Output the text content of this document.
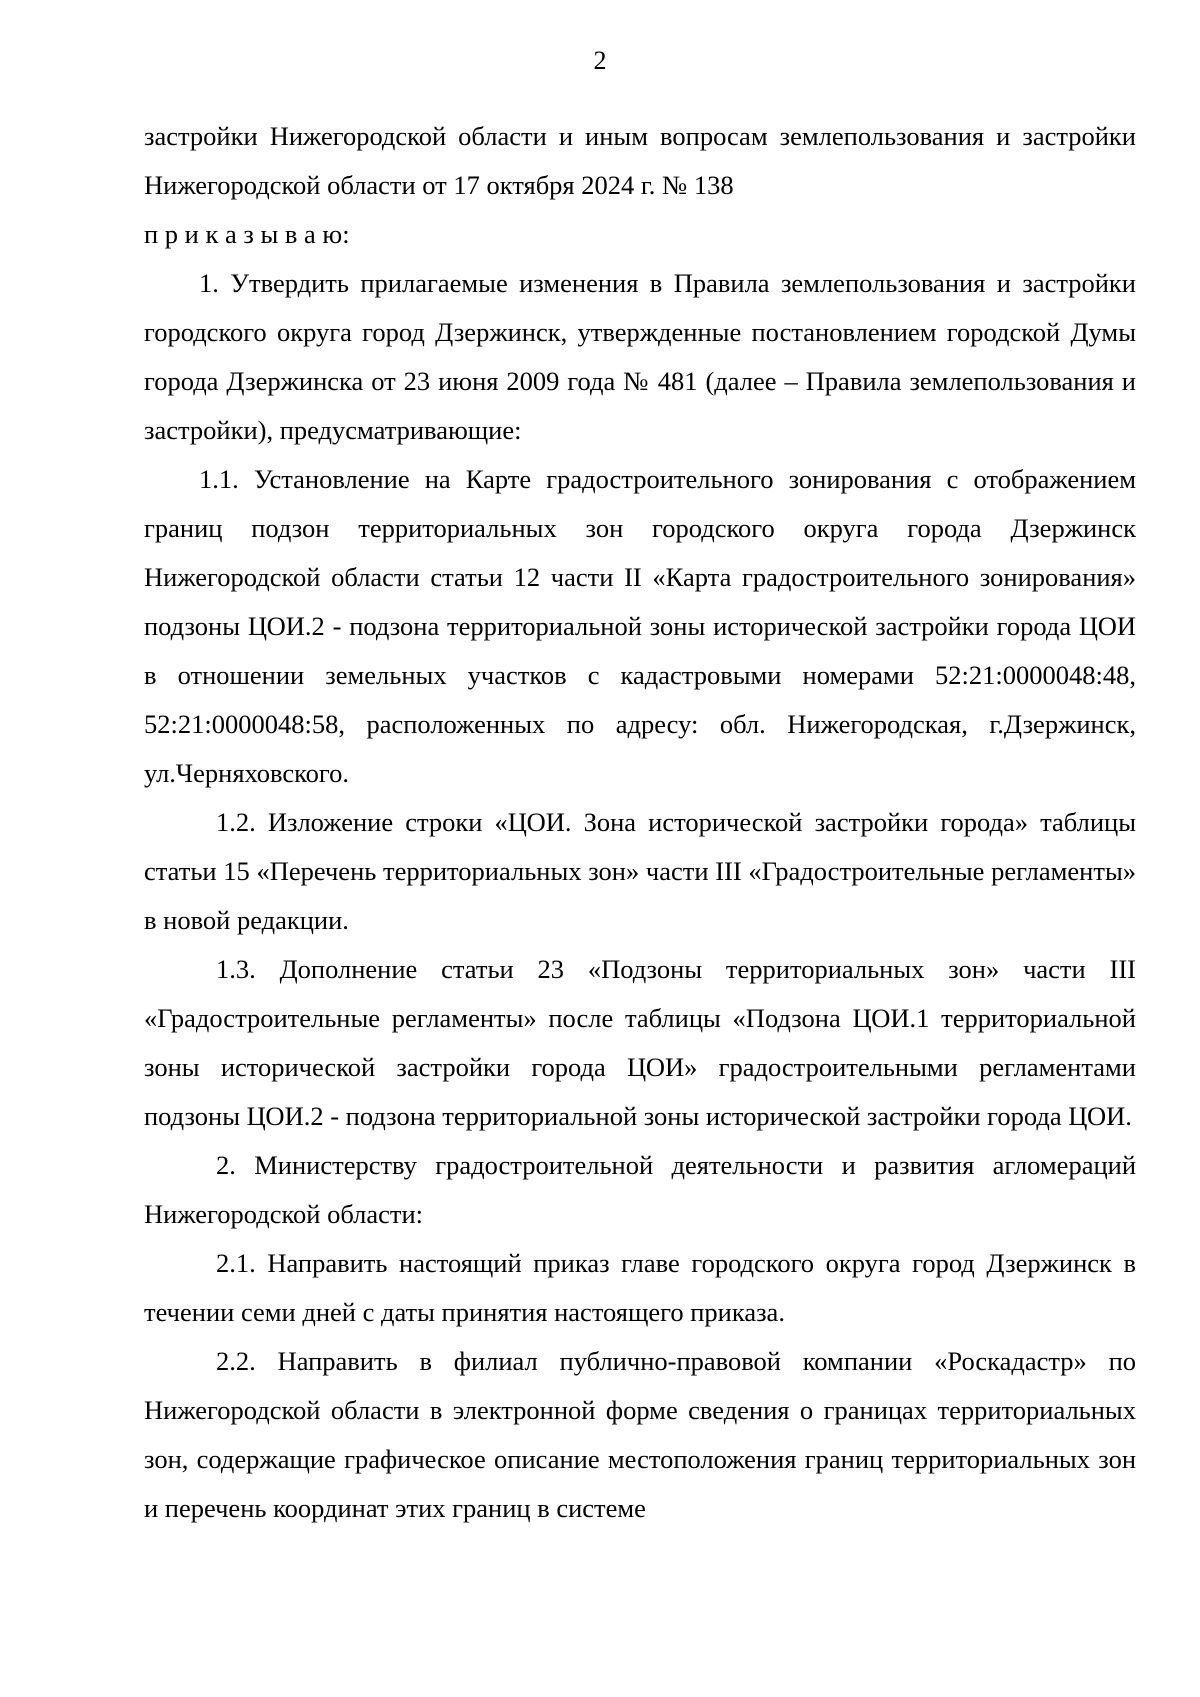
2

застройки Нижегородской области и иным вопросам землепользования и застройки Нижегородской области от 17 октября 2024 г. № 138

п р и к а з ы в а ю:

1. Утвердить прилагаемые изменения в Правила землепользования и застройки городского округа город Дзержинск, утвержденные постановлением городской Думы города Дзержинска от 23 июня 2009 года № 481 (далее – Правила землепользования и застройки), предусматривающие:

1.1. Установление на Карте градостроительного зонирования с отображением границ подзон территориальных зон городского округа города Дзержинск Нижегородской области статьи 12 части II «Карта градостроительного зонирования» подзоны ЦОИ.2 - подзона территориальной зоны исторической застройки города ЦОИ в отношении земельных участков с кадастровыми номерами 52:21:0000048:48, 52:21:0000048:58, расположенных по адресу: обл. Нижегородская, г.Дзержинск, ул.Черняховского.

1.2. Изложение строки «ЦОИ. Зона исторической застройки города» таблицы статьи 15 «Перечень территориальных зон» части III «Градостроительные регламенты» в новой редакции.

1.3. Дополнение статьи 23 «Подзоны территориальных зон» части III «Градостроительные регламенты» после таблицы «Подзона ЦОИ.1 территориальной зоны исторической застройки города ЦОИ» градостроительными регламентами подзоны ЦОИ.2 - подзона территориальной зоны исторической застройки города ЦОИ.

2. Министерству градостроительной деятельности и развития агломераций Нижегородской области:

2.1. Направить настоящий приказ главе городского округа город Дзержинск в течении семи дней с даты принятия настоящего приказа.

2.2. Направить в филиал публично-правовой компании «Роскадастр» по Нижегородской области в электронной форме сведения о границах территориальных зон, содержащие графическое описание местоположения границ территориальных зон и перечень координат этих границ в системе
